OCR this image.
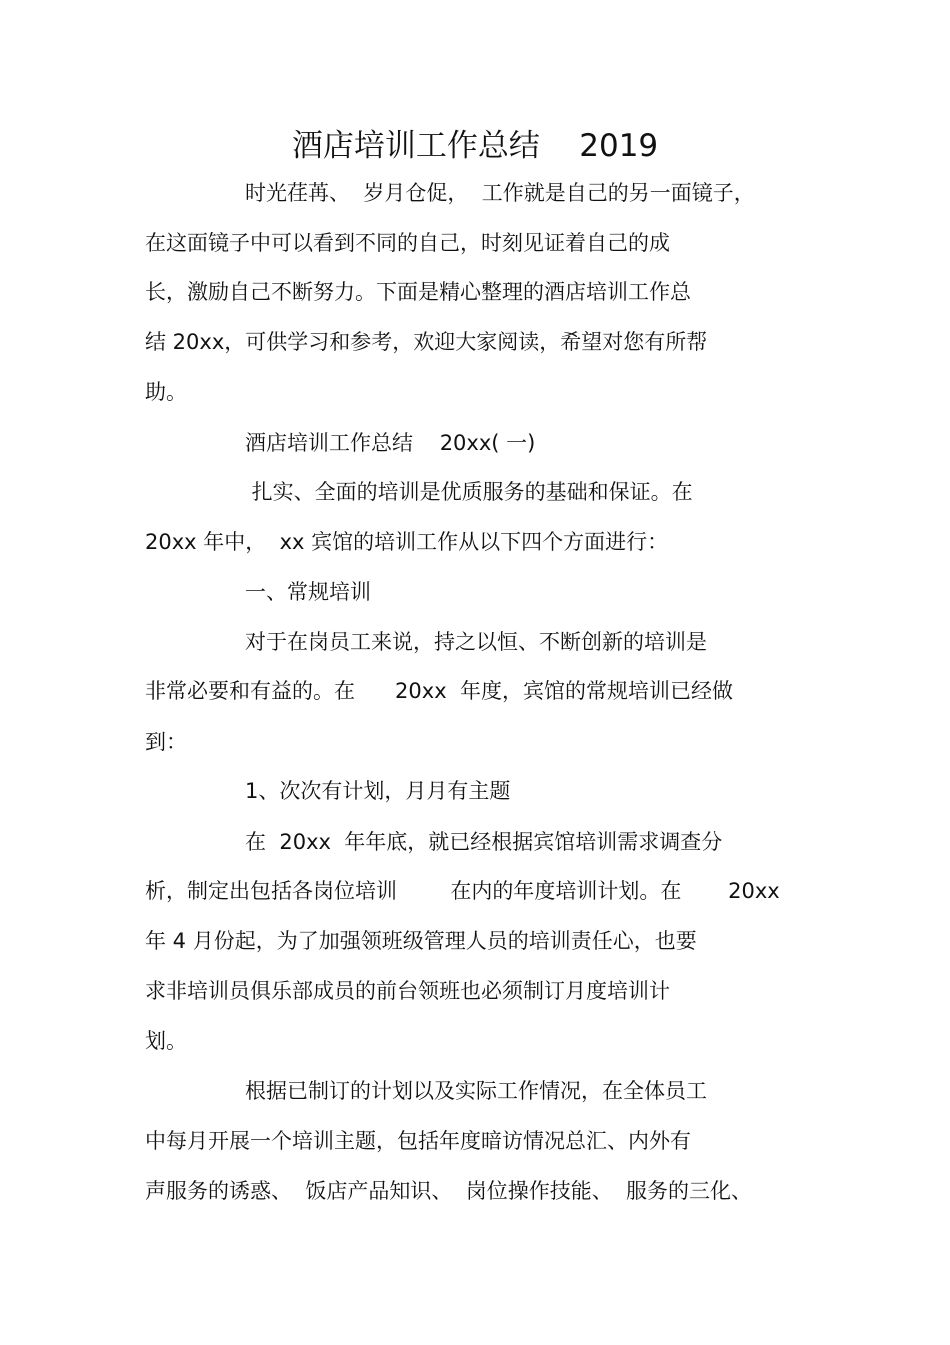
酒店培训工作总结    2019
时光荏苒、  岁月仓促，  工作就是自己的另一面镜子，
在这面镜子中可以看到不同的自己，时刻见证着自己的成
长，激励自己不断努力。下面是精心整理的酒店培训工作总
结 20xx，可供学习和参考，欢迎大家阅读，希望对您有所帮
助。
酒店培训工作总结    20xx( 一)
扎实、全面的培训是优质服务的基础和保证。在
20xx 年中，  xx 宾馆的培训工作从以下四个方面进行：
一、常规培训
对于在岗员工来说，持之以恒、不断创新的培训是
非常必要和有益的。在      20xx  年度，宾馆的常规培训已经做
到：
1、次次有计划，月月有主题
在  20xx  年年底，就已经根据宾馆培训需求调查分
析，制定出包括各岗位培训        在内的年度培训计划。在       20xx
年 4 月份起，为了加强领班级管理人员的培训责任心，也要
求非培训员俱乐部成员的前台领班也必须制订月度培训计
划。
根据已制订的计划以及实际工作情况，在全体员工
中每月开展一个培训主题，包括年度暗访情况总汇、内外有
声服务的诱惑、  饭店产品知识、  岗位操作技能、  服务的三化、
